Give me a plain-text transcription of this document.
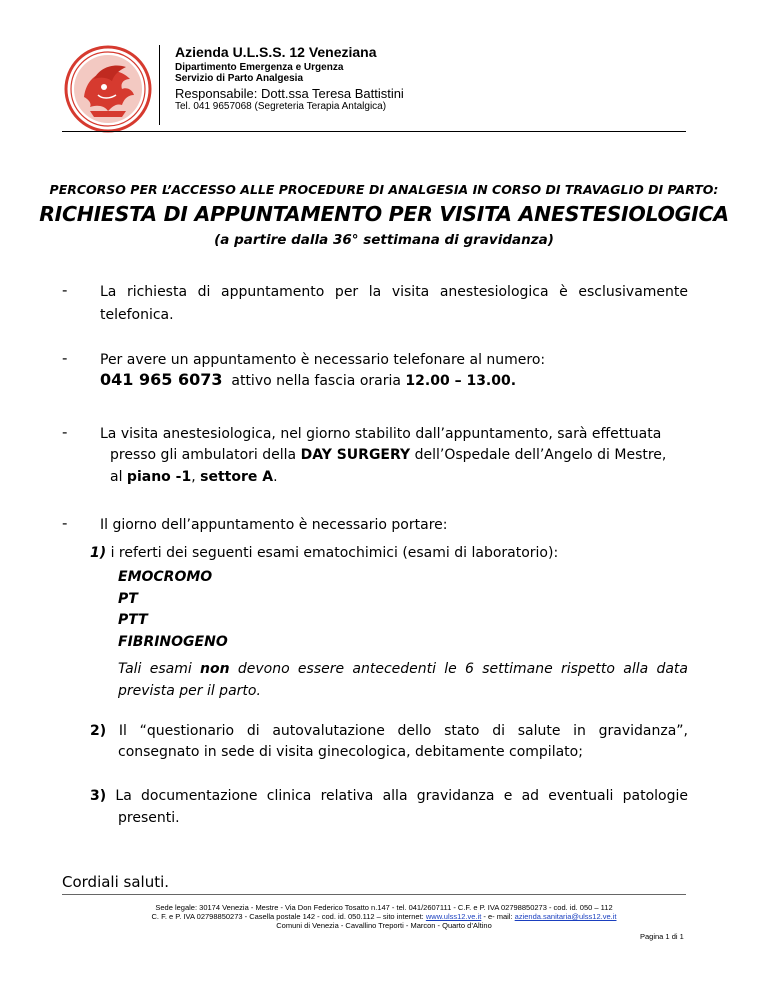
Azienda U.L.S.S. 12 Veneziana
Dipartimento Emergenza e Urgenza
Servizio di Parto Analgesia
Responsabile: Dott.ssa Teresa Battistini
Tel. 041 9657068 (Segreteria Terapia Antalgica)
PERCORSO PER L’ACCESSO ALLE PROCEDURE DI ANALGESIA IN CORSO DI TRAVAGLIO DI PARTO:
RICHIESTA DI APPUNTAMENTO PER VISITA ANESTESIOLOGICA
(a partire dalla 36° settimana di gravidanza)
- La richiesta di appuntamento per la visita anestesiologica è esclusivamente
telefonica.
- Per avere un appuntamento è necessario telefonare al numero:
041 965 6073 attivo nella fascia oraria 12.00 – 13.00.
- La visita anestesiologica, nel giorno stabilito dall’appuntamento, sarà effettuata
presso gli ambulatori della DAY SURGERY dell’Ospedale dell’Angelo di Mestre,
al piano -1, settore A.
- Il giorno dell’appuntamento è necessario portare:
1) i referti dei seguenti esami ematochimici (esami di laboratorio):
EMOCROMO
PT
PTT
FIBRINOGENO
Tali esami non devono essere antecedenti le 6 settimane rispetto alla data
prevista per il parto.
2) Il “questionario di autovalutazione dello stato di salute in gravidanza”,
consegnato in sede di visita ginecologica, debitamente compilato;
3) La documentazione clinica relativa alla gravidanza e ad eventuali patologie
presenti.
Cordiali saluti.
Sede legale: 30174 Venezia - Mestre - Via Don Federico Tosatto n.147 - tel. 041/2607111 - C.F. e P. IVA 02798850273 - cod. id. 050 – 112
C. F. e P. IVA 02798850273 - Casella postale 142 - cod. id. 050.112 – sito internet: www.ulss12.ve.it - e- mail: azienda.sanitaria@ulss12.ve.it
Comuni di Venezia - Cavallino Treporti - Marcon - Quarto d’Altino
Pagina 1 di 1
